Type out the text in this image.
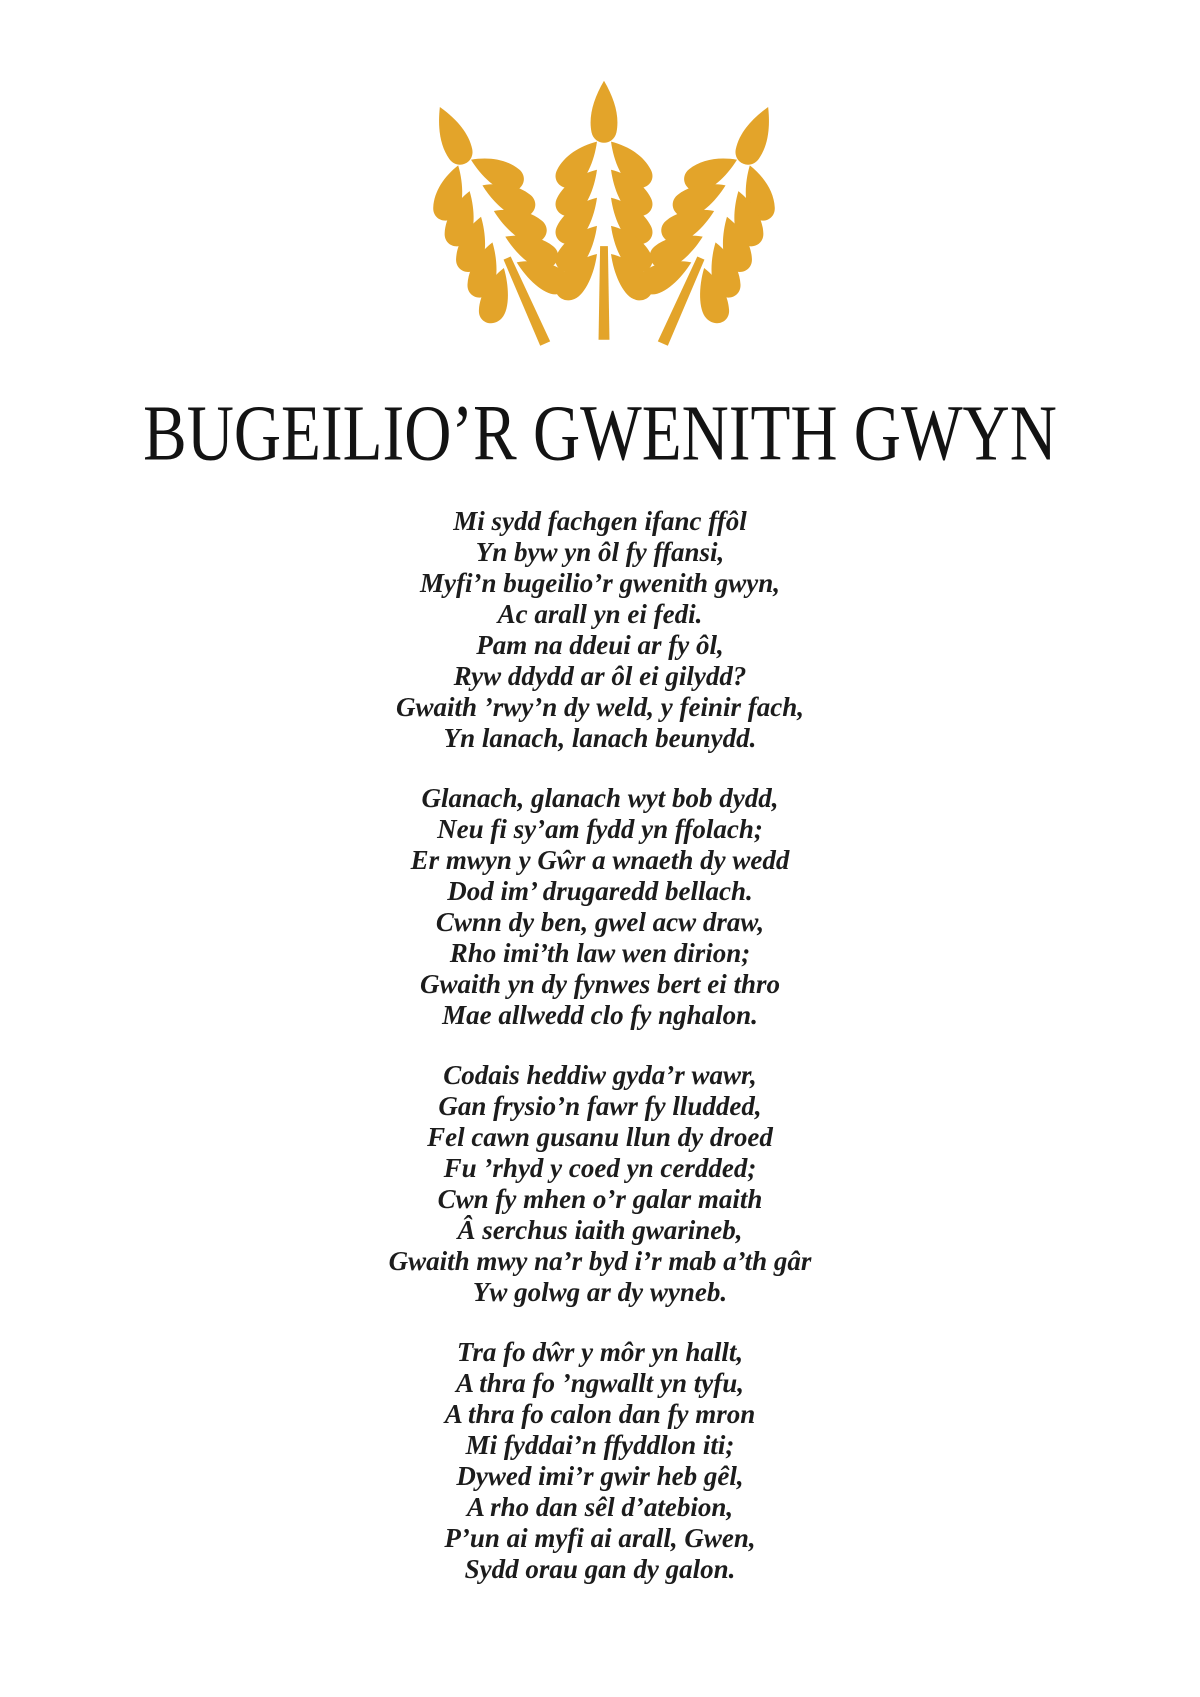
BUGEILIO’R GWENITH GWYN
Mi sydd fachgen ifanc ffôl
Yn byw yn ôl fy ffansi,
Myfi’n bugeilio’r gwenith gwyn,
Ac arall yn ei fedi.
Pam na ddeui ar fy ôl,
Ryw ddydd ar ôl ei gilydd?
Gwaith ’rwy’n dy weld, y feinir fach,
Yn lanach, lanach beunydd.
Glanach, glanach wyt bob dydd,
Neu fi sy’am fydd yn ffolach;
Er mwyn y Gŵr a wnaeth dy wedd
Dod im’ drugaredd bellach.
Cwnn dy ben, gwel acw draw,
Rho imi’th law wen dirion;
Gwaith yn dy fynwes bert ei thro
Mae allwedd clo fy nghalon.
Codais heddiw gyda’r wawr,
Gan frysio’n fawr fy lludded,
Fel cawn gusanu llun dy droed
Fu ’rhyd y coed yn cerdded;
Cwn fy mhen o’r galar maith
Â serchus iaith gwarineb,
Gwaith mwy na’r byd i’r mab a’th gâr
Yw golwg ar dy wyneb.
Tra fo dŵr y môr yn hallt,
A thra fo ’ngwallt yn tyfu,
A thra fo calon dan fy mron
Mi fyddai’n ffyddlon iti;
Dywed imi’r gwir heb gêl,
A rho dan sêl d’atebion,
P’un ai myfi ai arall, Gwen,
Sydd orau gan dy galon.
